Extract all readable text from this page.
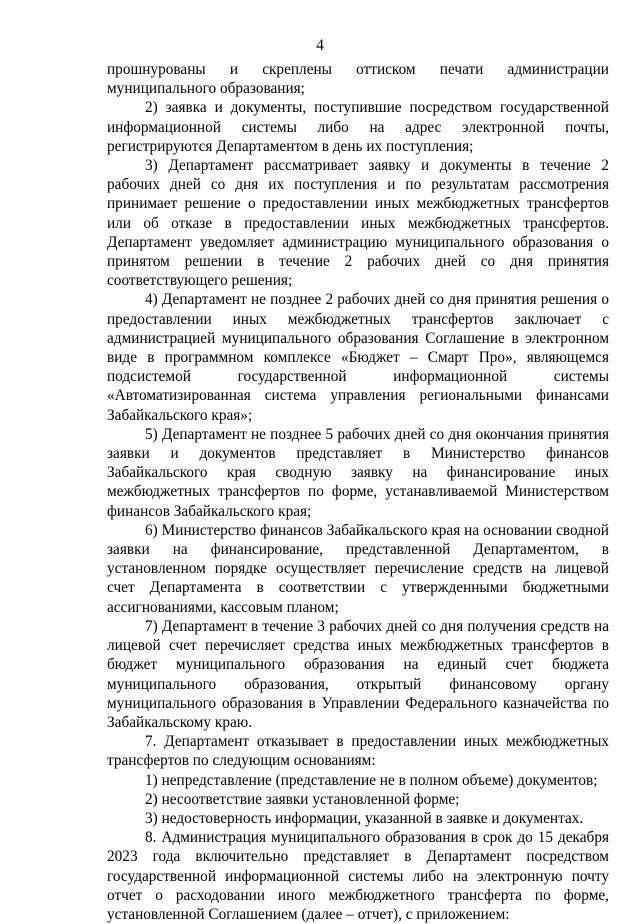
4

прошнурованы и скреплены оттиском печати администрации муниципального образования;

2) заявка и документы, поступившие посредством государственной информационной системы либо на адрес электронной почты, регистрируются Департаментом в день их поступления;

3) Департамент рассматривает заявку и документы в течение 2 рабочих дней со дня их поступления и по результатам рассмотрения принимает решение о предоставлении иных межбюджетных трансфертов или об отказе в предоставлении иных межбюджетных трансфертов. Департамент уведомляет администрацию муниципального образования о принятом решении в течение 2 рабочих дней со дня принятия соответствующего решения;

4) Департамент не позднее 2 рабочих дней со дня принятия решения о предоставлении иных межбюджетных трансфертов заключает с администрацией муниципального образования Соглашение в электронном виде в программном комплексе «Бюджет – Смарт Про», являющемся подсистемой государственной информационной системы «Автоматизированная система управления региональными финансами Забайкальского края»;

5) Департамент не позднее 5 рабочих дней со дня окончания принятия заявки и документов представляет в Министерство финансов Забайкальского края сводную заявку на финансирование иных межбюджетных трансфертов по форме, устанавливаемой Министерством финансов Забайкальского края;

6) Министерство финансов Забайкальского края на основании сводной заявки на финансирование, представленной Департаментом, в установленном порядке осуществляет перечисление средств на лицевой счет Департамента в соответствии с утвержденными бюджетными ассигнованиями, кассовым планом;

7) Департамент в течение 3 рабочих дней со дня получения средств на лицевой счет перечисляет средства иных межбюджетных трансфертов в бюджет муниципального образования на единый счет бюджета муниципального образования, открытый финансовому органу муниципального образования в Управлении Федерального казначейства по Забайкальскому краю.

7. Департамент отказывает в предоставлении иных межбюджетных трансфертов по следующим основаниям:

1) непредставление (представление не в полном объеме) документов;

2) несоответствие заявки установленной форме;

3) недостоверность информации, указанной в заявке и документах.

8. Администрация муниципального образования в срок до 15 декабря 2023 года включительно представляет в Департамент посредством государственной информационной системы либо на электронную почту отчет о расходовании иного межбюджетного трансферта по форме, установленной Соглашением (далее – отчет), с приложением:
